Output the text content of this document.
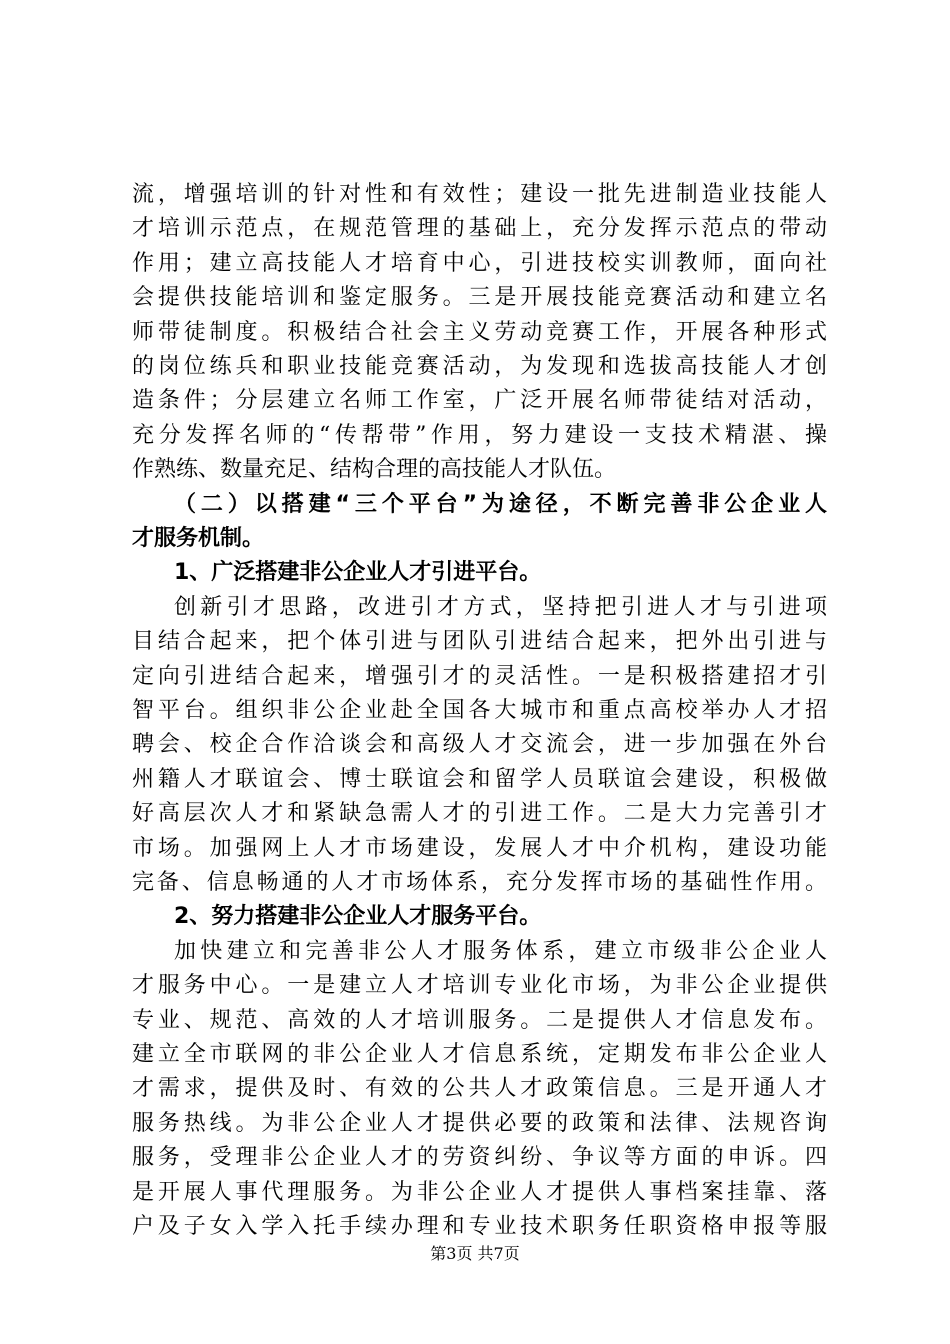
流，增强培训的针对性和有效性；建设一批先进制造业技能人
才培训示范点，在规范管理的基础上，充分发挥示范点的带动
作用；建立高技能人才培育中心，引进技校实训教师，面向社
会提供技能培训和鉴定服务。三是开展技能竞赛活动和建立名
师带徒制度。积极结合社会主义劳动竞赛工作，开展各种形式
的岗位练兵和职业技能竞赛活动，为发现和选拔高技能人才创
造条件；分层建立名师工作室，广泛开展名师带徒结对活动，
充分发挥名师的“传帮带”作用，努力建设一支技术精湛、操
作熟练、数量充足、结构合理的高技能人才队伍。
（二）以搭建“三个平台”为途径，不断完善非公企业人
才服务机制。
1、广泛搭建非公企业人才引进平台。
创新引才思路，改进引才方式，坚持把引进人才与引进项
目结合起来，把个体引进与团队引进结合起来，把外出引进与
定向引进结合起来，增强引才的灵活性。一是积极搭建招才引
智平台。组织非公企业赴全国各大城市和重点高校举办人才招
聘会、校企合作洽谈会和高级人才交流会，进一步加强在外台
州籍人才联谊会、博士联谊会和留学人员联谊会建设，积极做
好高层次人才和紧缺急需人才的引进工作。二是大力完善引才
市场。加强网上人才市场建设，发展人才中介机构，建设功能
完备、信息畅通的人才市场体系，充分发挥市场的基础性作用。
2、努力搭建非公企业人才服务平台。
加快建立和完善非公人才服务体系，建立市级非公企业人
才服务中心。一是建立人才培训专业化市场，为非公企业提供
专业、规范、高效的人才培训服务。二是提供人才信息发布。
建立全市联网的非公企业人才信息系统，定期发布非公企业人
才需求，提供及时、有效的公共人才政策信息。三是开通人才
服务热线。为非公企业人才提供必要的政策和法律、法规咨询
服务，受理非公企业人才的劳资纠纷、争议等方面的申诉。四
是开展人事代理服务。为非公企业人才提供人事档案挂靠、落
户及子女入学入托手续办理和专业技术职务任职资格申报等服
第3页 共7页
